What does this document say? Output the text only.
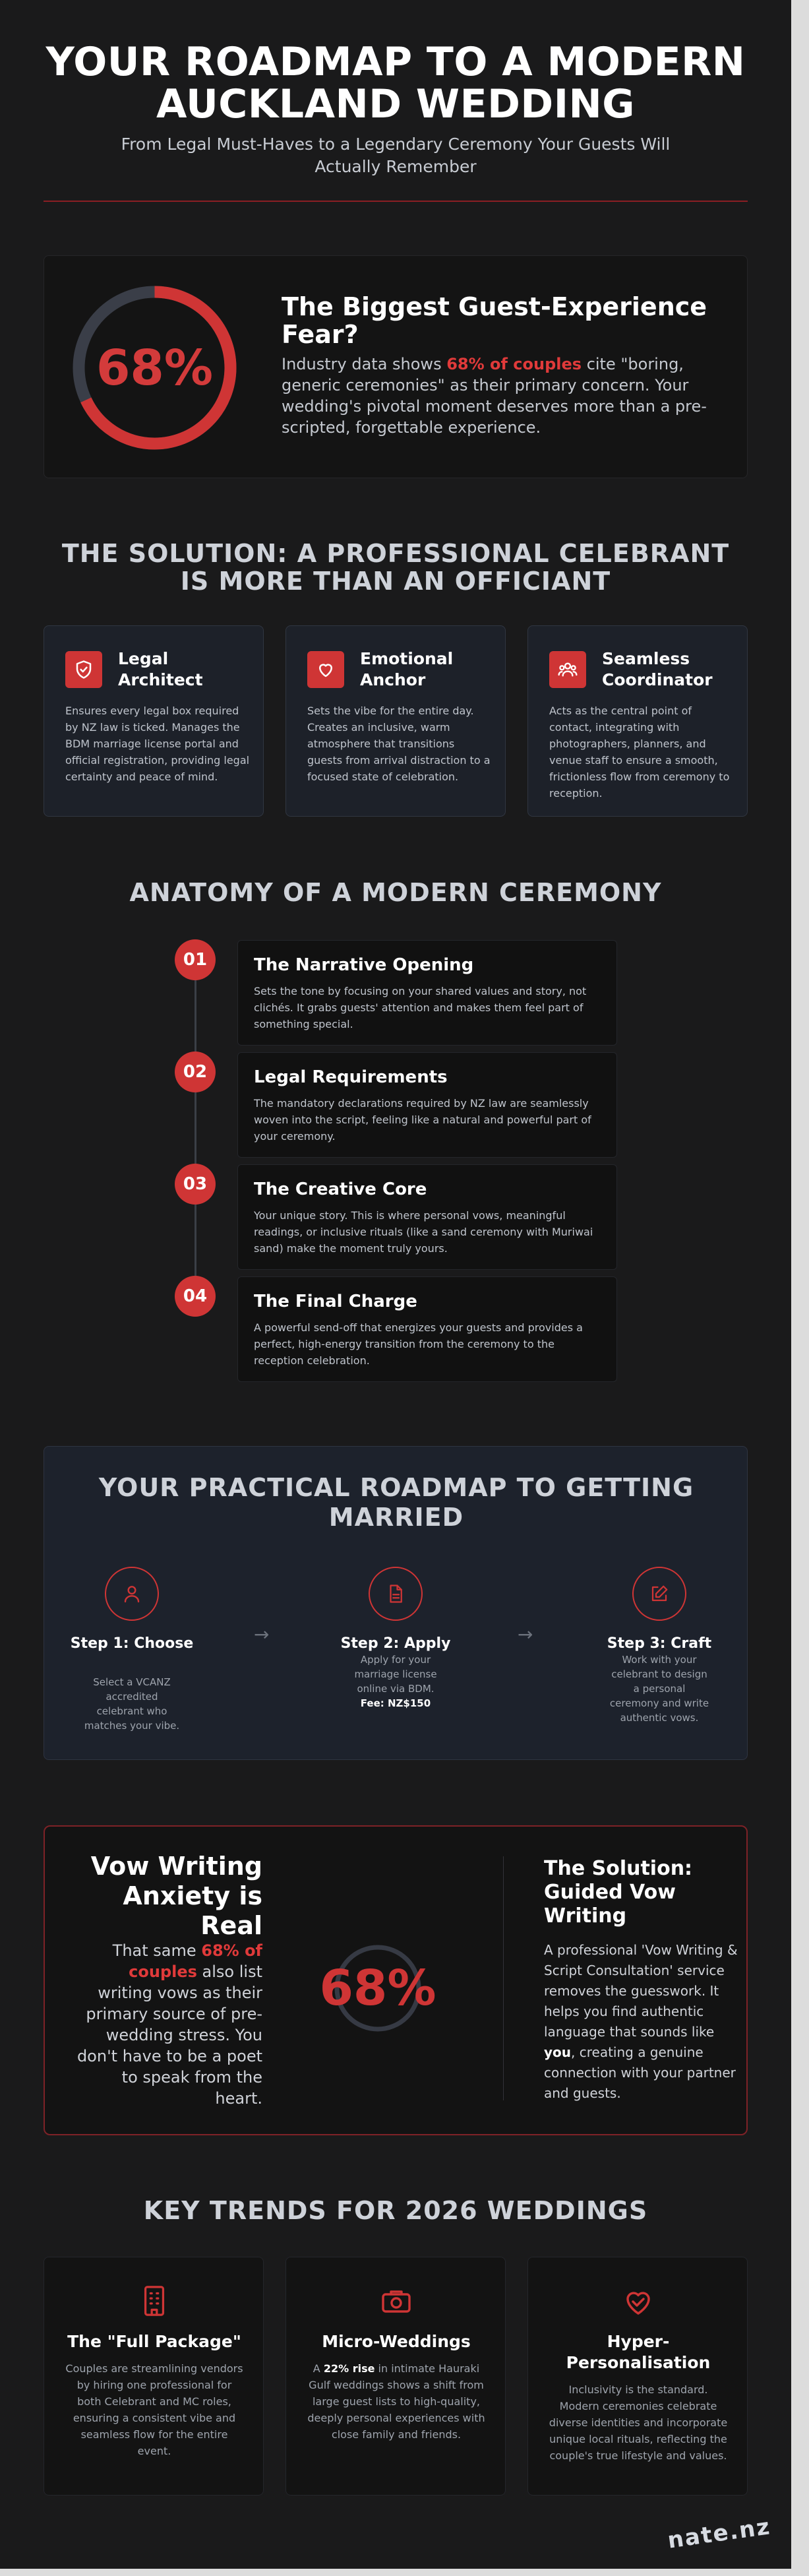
YOUR ROADMAP TO A MODERN
AUCKLAND WEDDING
From Legal Must-Haves to a Legendary Ceremony Your Guests Will
Actually Remember
68%
The Biggest Guest-Experience Fear?
Industry data shows 68% of couples cite "boring, generic ceremonies" as their primary concern. Your wedding's pivotal moment deserves more than a pre-scripted, forgettable experience.
THE SOLUTION: A PROFESSIONAL CELEBRANT IS MORE THAN AN OFFICIANT
Legal Architect
Ensures every legal box required by NZ law is ticked. Manages the BDM marriage license portal and official registration, providing legal certainty and peace of mind.
Emotional Anchor
Sets the vibe for the entire day. Creates an inclusive, warm atmosphere that transitions guests from arrival distraction to a focused state of celebration.
Seamless Coordinator
Acts as the central point of contact, integrating with photographers, planners, and venue staff to ensure a smooth, frictionless flow from ceremony to reception.
ANATOMY OF A MODERN CEREMONY
01	The Narrative Opening
Sets the tone by focusing on your shared values and story, not clichés. It grabs guests' attention and makes them feel part of something special.
02	Legal Requirements
The mandatory declarations required by NZ law are seamlessly woven into the script, feeling like a natural and powerful part of your ceremony.
03	The Creative Core
Your unique story. This is where personal vows, meaningful readings, or inclusive rituals (like a sand ceremony with Muriwai sand) make the moment truly yours.
04	The Final Charge
A powerful send-off that energizes your guests and provides a perfect, high-energy transition from the ceremony to the reception celebration.
YOUR PRACTICAL ROADMAP TO GETTING MARRIED
Step 1: Choose
Select a VCANZ accredited celebrant who matches your vibe.
→	Step 2: Apply
Apply for your marriage license online via BDM.
Fee: NZ$150
→	Step 3: Craft
Work with your celebrant to design a personal ceremony and write authentic vows.
Vow Writing Anxiety is Real
That same 68% of couples also list writing vows as their primary source of pre-wedding stress. You don't have to be a poet to speak from the heart.
68%
The Solution: Guided Vow Writing
A professional 'Vow Writing & Script Consultation' service removes the guesswork. It helps you find authentic language that sounds like you, creating a genuine connection with your partner and guests.
KEY TRENDS FOR 2026 WEDDINGS
The "Full Package"
Couples are streamlining vendors by hiring one professional for both Celebrant and MC roles, ensuring a consistent vibe and seamless flow for the entire event.
Micro-Weddings
A 22% rise in intimate Hauraki Gulf weddings shows a shift from large guest lists to high-quality, deeply personal experiences with close family and friends.
Hyper-Personalisation
Inclusivity is the standard. Modern ceremonies celebrate diverse identities and incorporate unique local rituals, reflecting the couple's true lifestyle and values.
nate.nz
